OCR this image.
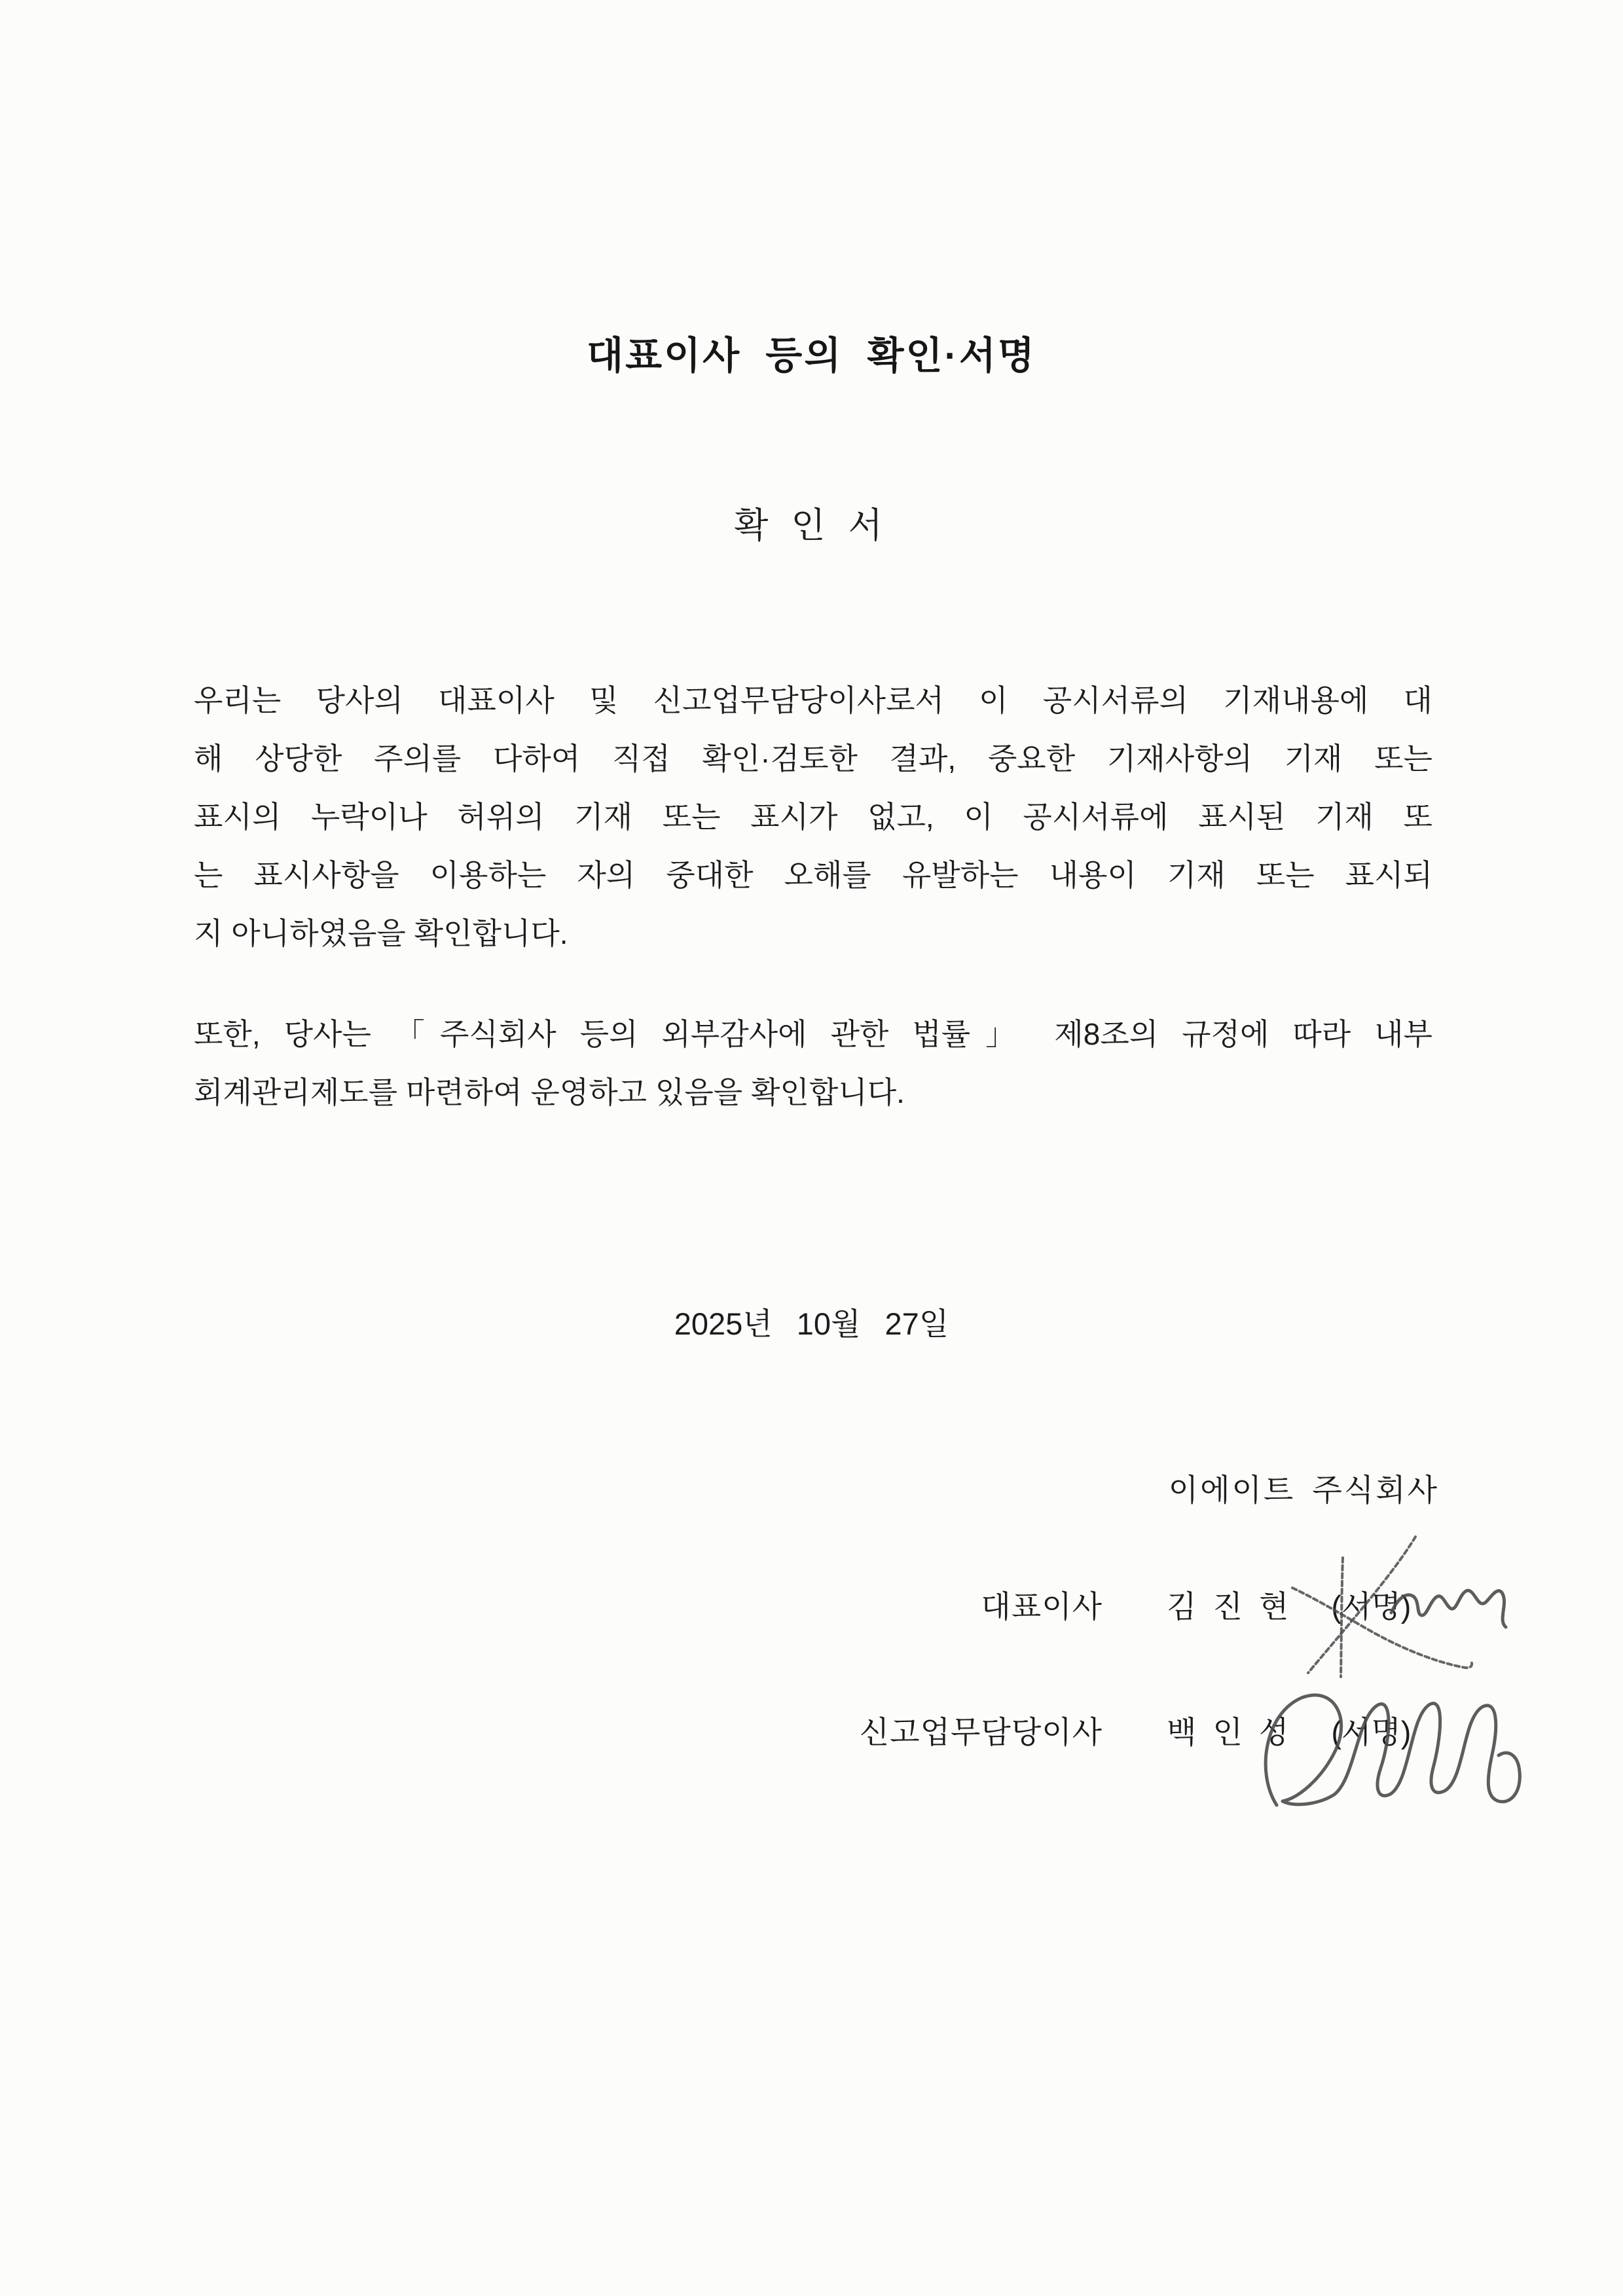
대표이사 등의 확인·서명
확 인 서
우리는 당사의 대표이사 및 신고업무담당이사로서 이 공시서류의 기재내용에 대
해 상당한 주의를 다하여 직접 확인·검토한 결과, 중요한 기재사항의 기재 또는
표시의 누락이나 허위의 기재 또는 표시가 없고, 이 공시서류에 표시된 기재 또
는 표시사항을 이용하는 자의 중대한 오해를 유발하는 내용이 기재 또는 표시되
지 아니하였음을 확인합니다.
또한, 당사는 「주식회사 등의 외부감사에 관한 법률」 제8조의 규정에 따라 내부
회계관리제도를 마련하여 운영하고 있음을 확인합니다.
2025년 10월 27일
이에이트 주식회사
대표이사 김 진 현 (서명)
신고업무담당이사 백 인 성 (서명)
